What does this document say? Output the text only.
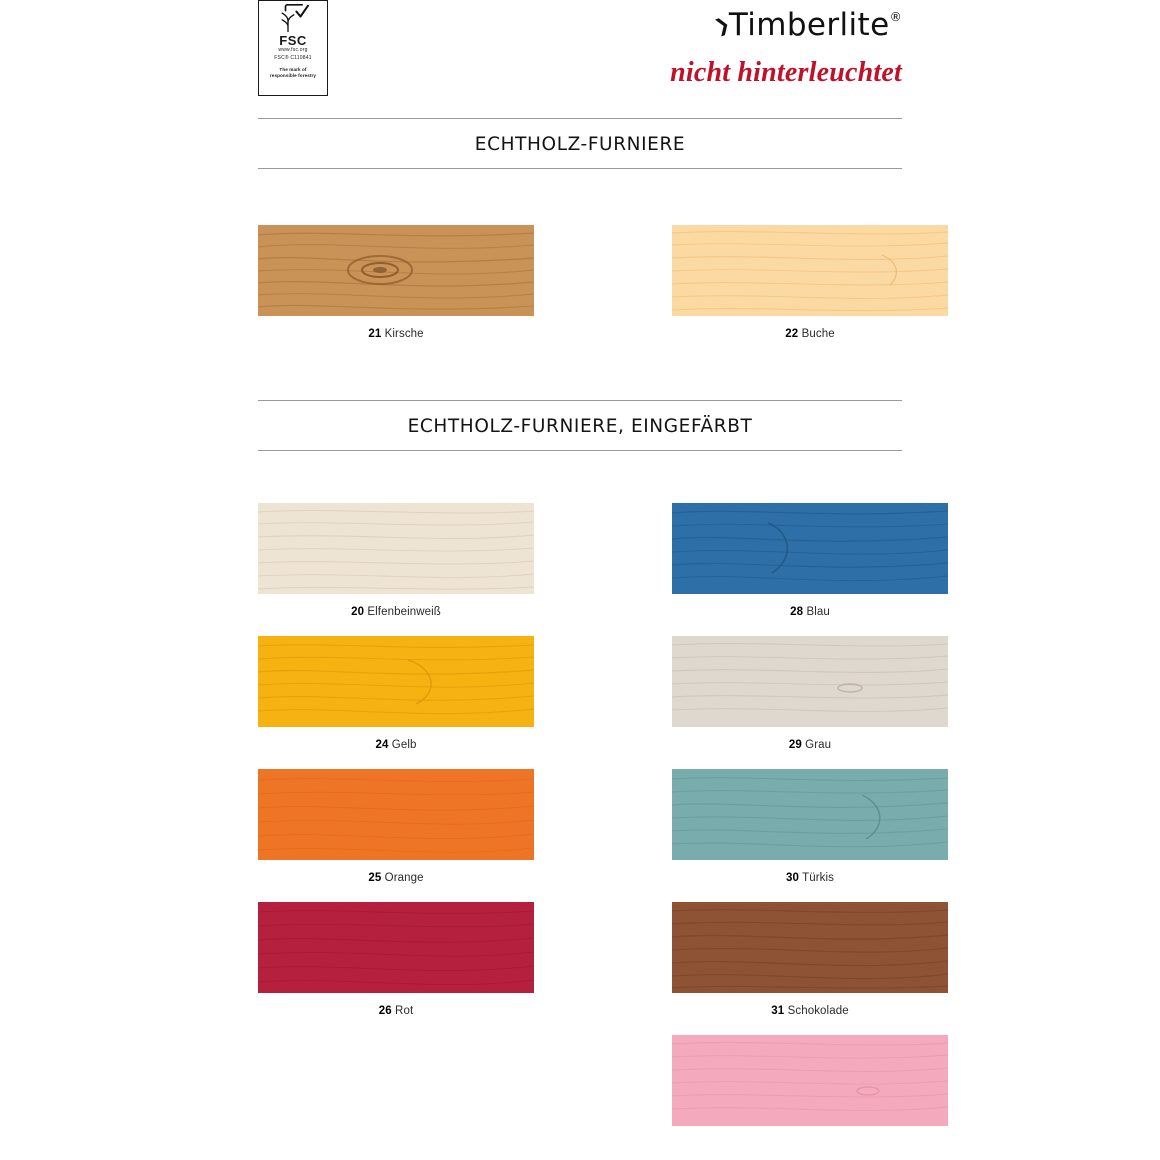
FSC
www.fsc.org
FSC® C110841
The mark of
responsible forestry
❯Timberlite®
nicht hinterleuchtet
ECHTHOLZ-FURNIERE
21 Kirsche	22 Buche
ECHTHOLZ-FURNIERE, EINGEFÄRBT
20 Elfenbeinweiß
24 Gelb
25 Orange
26 Rot
28 Blau
29 Grau
30 Türkis
31 Schokolade
